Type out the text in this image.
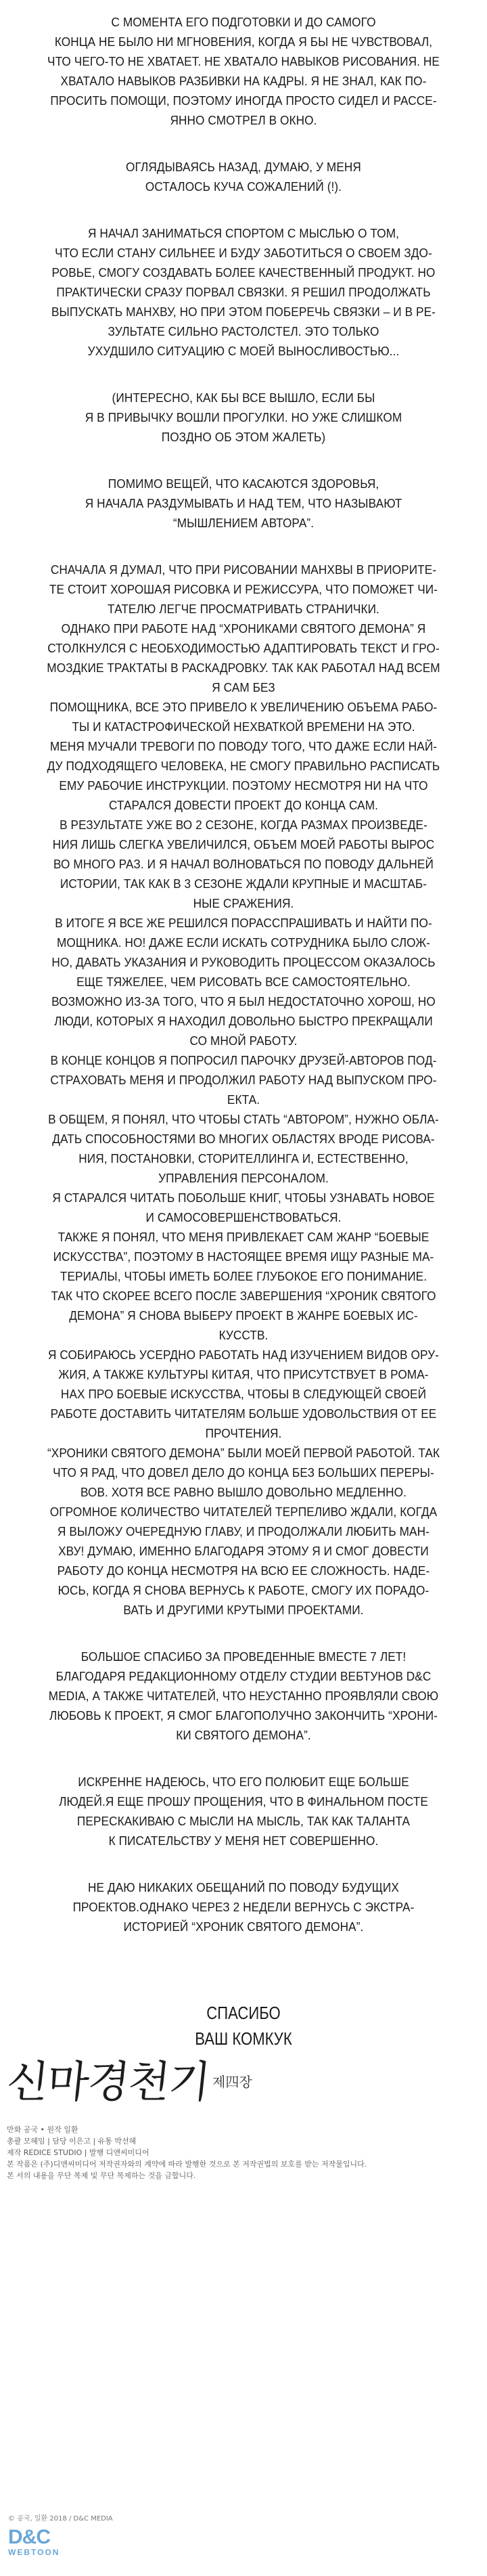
С МОМЕНТА ЕГО ПОДГОТОВКИ И ДО САМОГО
КОНЦА НЕ БЫЛО НИ МГНОВЕНИЯ, КОГДА Я БЫ НЕ ЧУВСТВОВАЛ,
ЧТО ЧЕГО-ТО НЕ ХВАТАЕТ. НЕ ХВАТАЛО НАВЫКОВ РИСОВАНИЯ. НЕ
ХВАТАЛО НАВЫКОВ РАЗБИВКИ НА КАДРЫ. Я НЕ ЗНАЛ, КАК ПО-
ПРОСИТЬ ПОМОЩИ, ПОЭТОМУ ИНОГДА ПРОСТО СИДЕЛ И РАССЕ-
ЯННО СМОТРЕЛ В ОКНО.

ОГЛЯДЫВАЯСЬ НАЗАД, ДУМАЮ, У МЕНЯ
ОСТАЛОСЬ КУЧА СОЖАЛЕНИЙ (!).

Я НАЧАЛ ЗАНИМАТЬСЯ СПОРТОМ С МЫСЛЬЮ О ТОМ,
ЧТО ЕСЛИ СТАНУ СИЛЬНЕЕ И БУДУ ЗАБОТИТЬСЯ О СВОЕМ ЗДО-
РОВЬЕ, СМОГУ СОЗДАВАТЬ БОЛЕЕ КАЧЕСТВЕННЫЙ ПРОДУКТ. НО
ПРАКТИЧЕСКИ СРАЗУ ПОРВАЛ СВЯЗКИ. Я РЕШИЛ ПРОДОЛЖАТЬ
ВЫПУСКАТЬ МАНХВУ, НО ПРИ ЭТОМ ПОБЕРЕЧЬ СВЯЗКИ – И В РЕ-
ЗУЛЬТАТЕ СИЛЬНО РАСТОЛСТЕЛ. ЭТО ТОЛЬКО
УХУДШИЛО СИТУАЦИЮ С МОЕЙ ВЫНОСЛИВОСТЬЮ...

(ИНТЕРЕСНО, КАК БЫ ВСЕ ВЫШЛО, ЕСЛИ БЫ
Я В ПРИВЫЧКУ ВОШЛИ ПРОГУЛКИ. НО УЖЕ СЛИШКОМ
ПОЗДНО ОБ ЭТОМ ЖАЛЕТЬ)

ПОМИМО ВЕЩЕЙ, ЧТО КАСАЮТСЯ ЗДОРОВЬЯ,
Я НАЧАЛА РАЗДУМЫВАТЬ И НАД ТЕМ, ЧТО НАЗЫВАЮТ
“МЫШЛЕНИЕМ АВТОРА”.

СНАЧАЛА Я ДУМАЛ, ЧТО ПРИ РИСОВАНИИ МАНХВЫ В ПРИОРИТЕ-
ТЕ СТОИТ ХОРОШАЯ РИСОВКА И РЕЖИССУРА, ЧТО ПОМОЖЕТ ЧИ-
ТАТЕЛЮ ЛЕГЧЕ ПРОСМАТРИВАТЬ СТРАНИЧКИ.
ОДНАКО ПРИ РАБОТЕ НАД “ХРОНИКАМИ СВЯТОГО ДЕМОНА” Я
СТОЛКНУЛСЯ С НЕОБХОДИМОСТЬЮ АДАПТИРОВАТЬ ТЕКСТ И ГРО-
МОЗДКИЕ ТРАКТАТЫ В РАСКАДРОВКУ. ТАК КАК РАБОТАЛ НАД ВСЕМ Я САМ БЕЗ
ПОМОЩНИКА, ВСЕ ЭТО ПРИВЕЛО К УВЕЛИЧЕНИЮ ОБЪЕМА РАБО-
ТЫ И КАТАСТРОФИЧЕСКОЙ НЕХВАТКОЙ ВРЕМЕНИ НА ЭТО.
МЕНЯ МУЧАЛИ ТРЕВОГИ ПО ПОВОДУ ТОГО, ЧТО ДАЖЕ ЕСЛИ НАЙ-
ДУ ПОДХОДЯЩЕГО ЧЕЛОВЕКА, НЕ СМОГУ ПРАВИЛЬНО РАСПИСАТЬ
ЕМУ РАБОЧИЕ ИНСТРУКЦИИ. ПОЭТОМУ НЕСМОТРЯ НИ НА ЧТО
СТАРАЛСЯ ДОВЕСТИ ПРОЕКТ ДО КОНЦА САМ.
В РЕЗУЛЬТАТЕ УЖЕ ВО 2 СЕЗОНЕ, КОГДА РАЗМАХ ПРОИЗВЕДЕ-
НИЯ ЛИШЬ СЛЕГКА УВЕЛИЧИЛСЯ, ОБЪЕМ МОЕЙ РАБОТЫ ВЫРОС
ВО МНОГО РАЗ. И Я НАЧАЛ ВОЛНОВАТЬСЯ ПО ПОВОДУ ДАЛЬНЕЙ
ИСТОРИИ, ТАК КАК В 3 СЕЗОНЕ ЖДАЛИ КРУПНЫЕ И МАСШТАБ-
НЫЕ СРАЖЕНИЯ.
В ИТОГЕ Я ВСЕ ЖЕ РЕШИЛСЯ ПОРАССПРАШИВАТЬ И НАЙТИ ПО-
МОЩНИКА. НО! ДАЖЕ ЕСЛИ ИСКАТЬ СОТРУДНИКА БЫЛО СЛОЖ-
НО, ДАВАТЬ УКАЗАНИЯ И РУКОВОДИТЬ ПРОЦЕССОМ ОКАЗАЛОСЬ
ЕЩЕ ТЯЖЕЛЕЕ, ЧЕМ РИСОВАТЬ ВСЕ САМОСТОЯТЕЛЬНО.
ВОЗМОЖНО ИЗ-ЗА ТОГО, ЧТО Я БЫЛ НЕДОСТАТОЧНО ХОРОШ, НО
ЛЮДИ, КОТОРЫХ Я НАХОДИЛ ДОВОЛЬНО БЫСТРО ПРЕКРАЩАЛИ
СО МНОЙ РАБОТУ.
В КОНЦЕ КОНЦОВ Я ПОПРОСИЛ ПАРОЧКУ ДРУЗЕЙ-АВТОРОВ ПОД-
СТРАХОВАТЬ МЕНЯ И ПРОДОЛЖИЛ РАБОТУ НАД ВЫПУСКОМ ПРО-
ЕКТА.
В ОБЩЕМ, Я ПОНЯЛ, ЧТО ЧТОБЫ СТАТЬ “АВТОРОМ”, НУЖНО ОБЛА-
ДАТЬ СПОСОБНОСТЯМИ ВО МНОГИХ ОБЛАСТЯХ ВРОДЕ РИСОВА-
НИЯ, ПОСТАНОВКИ, СТОРИТЕЛЛИНГА И, ЕСТЕСТВЕННО,
УПРАВЛЕНИЯ ПЕРСОНАЛОМ.
Я СТАРАЛСЯ ЧИТАТЬ ПОБОЛЬШЕ КНИГ, ЧТОБЫ УЗНАВАТЬ НОВОЕ
И САМОСОВЕРШЕНСТВОВАТЬСЯ.
ТАКЖЕ Я ПОНЯЛ, ЧТО МЕНЯ ПРИВЛЕКАЕТ САМ ЖАНР “БОЕВЫЕ
ИСКУССТВА”, ПОЭТОМУ В НАСТОЯЩЕЕ ВРЕМЯ ИЩУ РАЗНЫЕ МА-
ТЕРИАЛЫ, ЧТОБЫ ИМЕТЬ БОЛЕЕ ГЛУБОКОЕ ЕГО ПОНИМАНИЕ.
ТАК ЧТО СКОРЕЕ ВСЕГО ПОСЛЕ ЗАВЕРШЕНИЯ “ХРОНИК СВЯТОГО
ДЕМОНА” Я СНОВА ВЫБЕРУ ПРОЕКТ В ЖАНРЕ БОЕВЫХ ИС-
КУССТВ.
Я СОБИРАЮСЬ УСЕРДНО РАБОТАТЬ НАД ИЗУЧЕНИЕМ ВИДОВ ОРУ-
ЖИЯ, А ТАКЖЕ КУЛЬТУРЫ КИТАЯ, ЧТО ПРИСУТСТВУЕТ В РОМА-
НАХ ПРО БОЕВЫЕ ИСКУССТВА, ЧТОБЫ В СЛЕДУЮЩЕЙ СВОЕЙ
РАБОТЕ ДОСТАВИТЬ ЧИТАТЕЛЯМ БОЛЬШЕ УДОВОЛЬСТВИЯ ОТ ЕЕ
ПРОЧТЕНИЯ.
“ХРОНИКИ СВЯТОГО ДЕМОНА” БЫЛИ МОЕЙ ПЕРВОЙ РАБОТОЙ. ТАК
ЧТО Я РАД, ЧТО ДОВЕЛ ДЕЛО ДО КОНЦА БЕЗ БОЛЬШИХ ПЕРЕРЫ-
ВОВ. ХОТЯ ВСЕ РАВНО ВЫШЛО ДОВОЛЬНО МЕДЛЕННО.
ОГРОМНОЕ КОЛИЧЕСТВО ЧИТАТЕЛЕЙ ТЕРПЕЛИВО ЖДАЛИ, КОГДА
Я ВЫЛОЖУ ОЧЕРЕДНУЮ ГЛАВУ, И ПРОДОЛЖАЛИ ЛЮБИТЬ МАН-
ХВУ! ДУМАЮ, ИМЕННО БЛАГОДАРЯ ЭТОМУ Я И СМОГ ДОВЕСТИ
РАБОТУ ДО КОНЦА НЕСМОТРЯ НА ВСЮ ЕЕ СЛОЖНОСТЬ. НАДЕ-
ЮСЬ, КОГДА Я СНОВА ВЕРНУСЬ К РАБОТЕ, СМОГУ ИХ ПОРАДО-
ВАТЬ И ДРУГИМИ КРУТЫМИ ПРОЕКТАМИ.

БОЛЬШОЕ СПАСИБО ЗА ПРОВЕДЕННЫЕ ВМЕСТЕ 7 ЛЕТ!
БЛАГОДАРЯ РЕДАКЦИОННОМУ ОТДЕЛУ СТУДИИ ВЕБТУНОВ D&C
MEDIA, А ТАКЖЕ ЧИТАТЕЛЕЙ, ЧТО НЕУСТАННО ПРОЯВЛЯЛИ СВОЮ
ЛЮБОВЬ К ПРОЕКТ, Я СМОГ БЛАГОПОЛУЧНО ЗАКОНЧИТЬ “ХРОНИ-
КИ СВЯТОГО ДЕМОНА”.

ИСКРЕННЕ НАДЕЮСЬ, ЧТО ЕГО ПОЛЮБИТ ЕЩЕ БОЛЬШЕ
ЛЮДЕЙ.Я ЕЩЕ ПРОШУ ПРОЩЕНИЯ, ЧТО В ФИНАЛЬНОМ ПОСТЕ
ПЕРЕСКАКИВАЮ С МЫСЛИ НА МЫСЛЬ, ТАК КАК ТАЛАНТА
К ПИСАТЕЛЬСТВУ У МЕНЯ НЕТ СОВЕРШЕННО.

НЕ ДАЮ НИКАКИХ ОБЕЩАНИЙ ПО ПОВОДУ БУДУЩИХ
ПРОЕКТОВ.ОДНАКО ЧЕРЕЗ 2 НЕДЕЛИ ВЕРНУСЬ С ЭКСТРА-
ИСТОРИЕЙ “ХРОНИК СВЯТОГО ДЕМОНА”.

СПАСИБО
ВАШ КОМКУК
신마경천기 제四장
만화 공국 • 원작 일환
총괄 모혜임 | 담당 이은고 | 유통 박선혜
제작 REDICE STUDIO | 발행 디앤씨미디어
본 작품은 (주)디앤씨미디어 저작권자와의 계약에 따라 발행한 것으로 본 저작권법의 보호를 받는 저작물입니다.
본 서의 내용을 무단 복제 및 무단 복제하는 것을 금합니다.
© 공국, 일환 2018 / D&C MEDIA
D&C
WEBTOON
